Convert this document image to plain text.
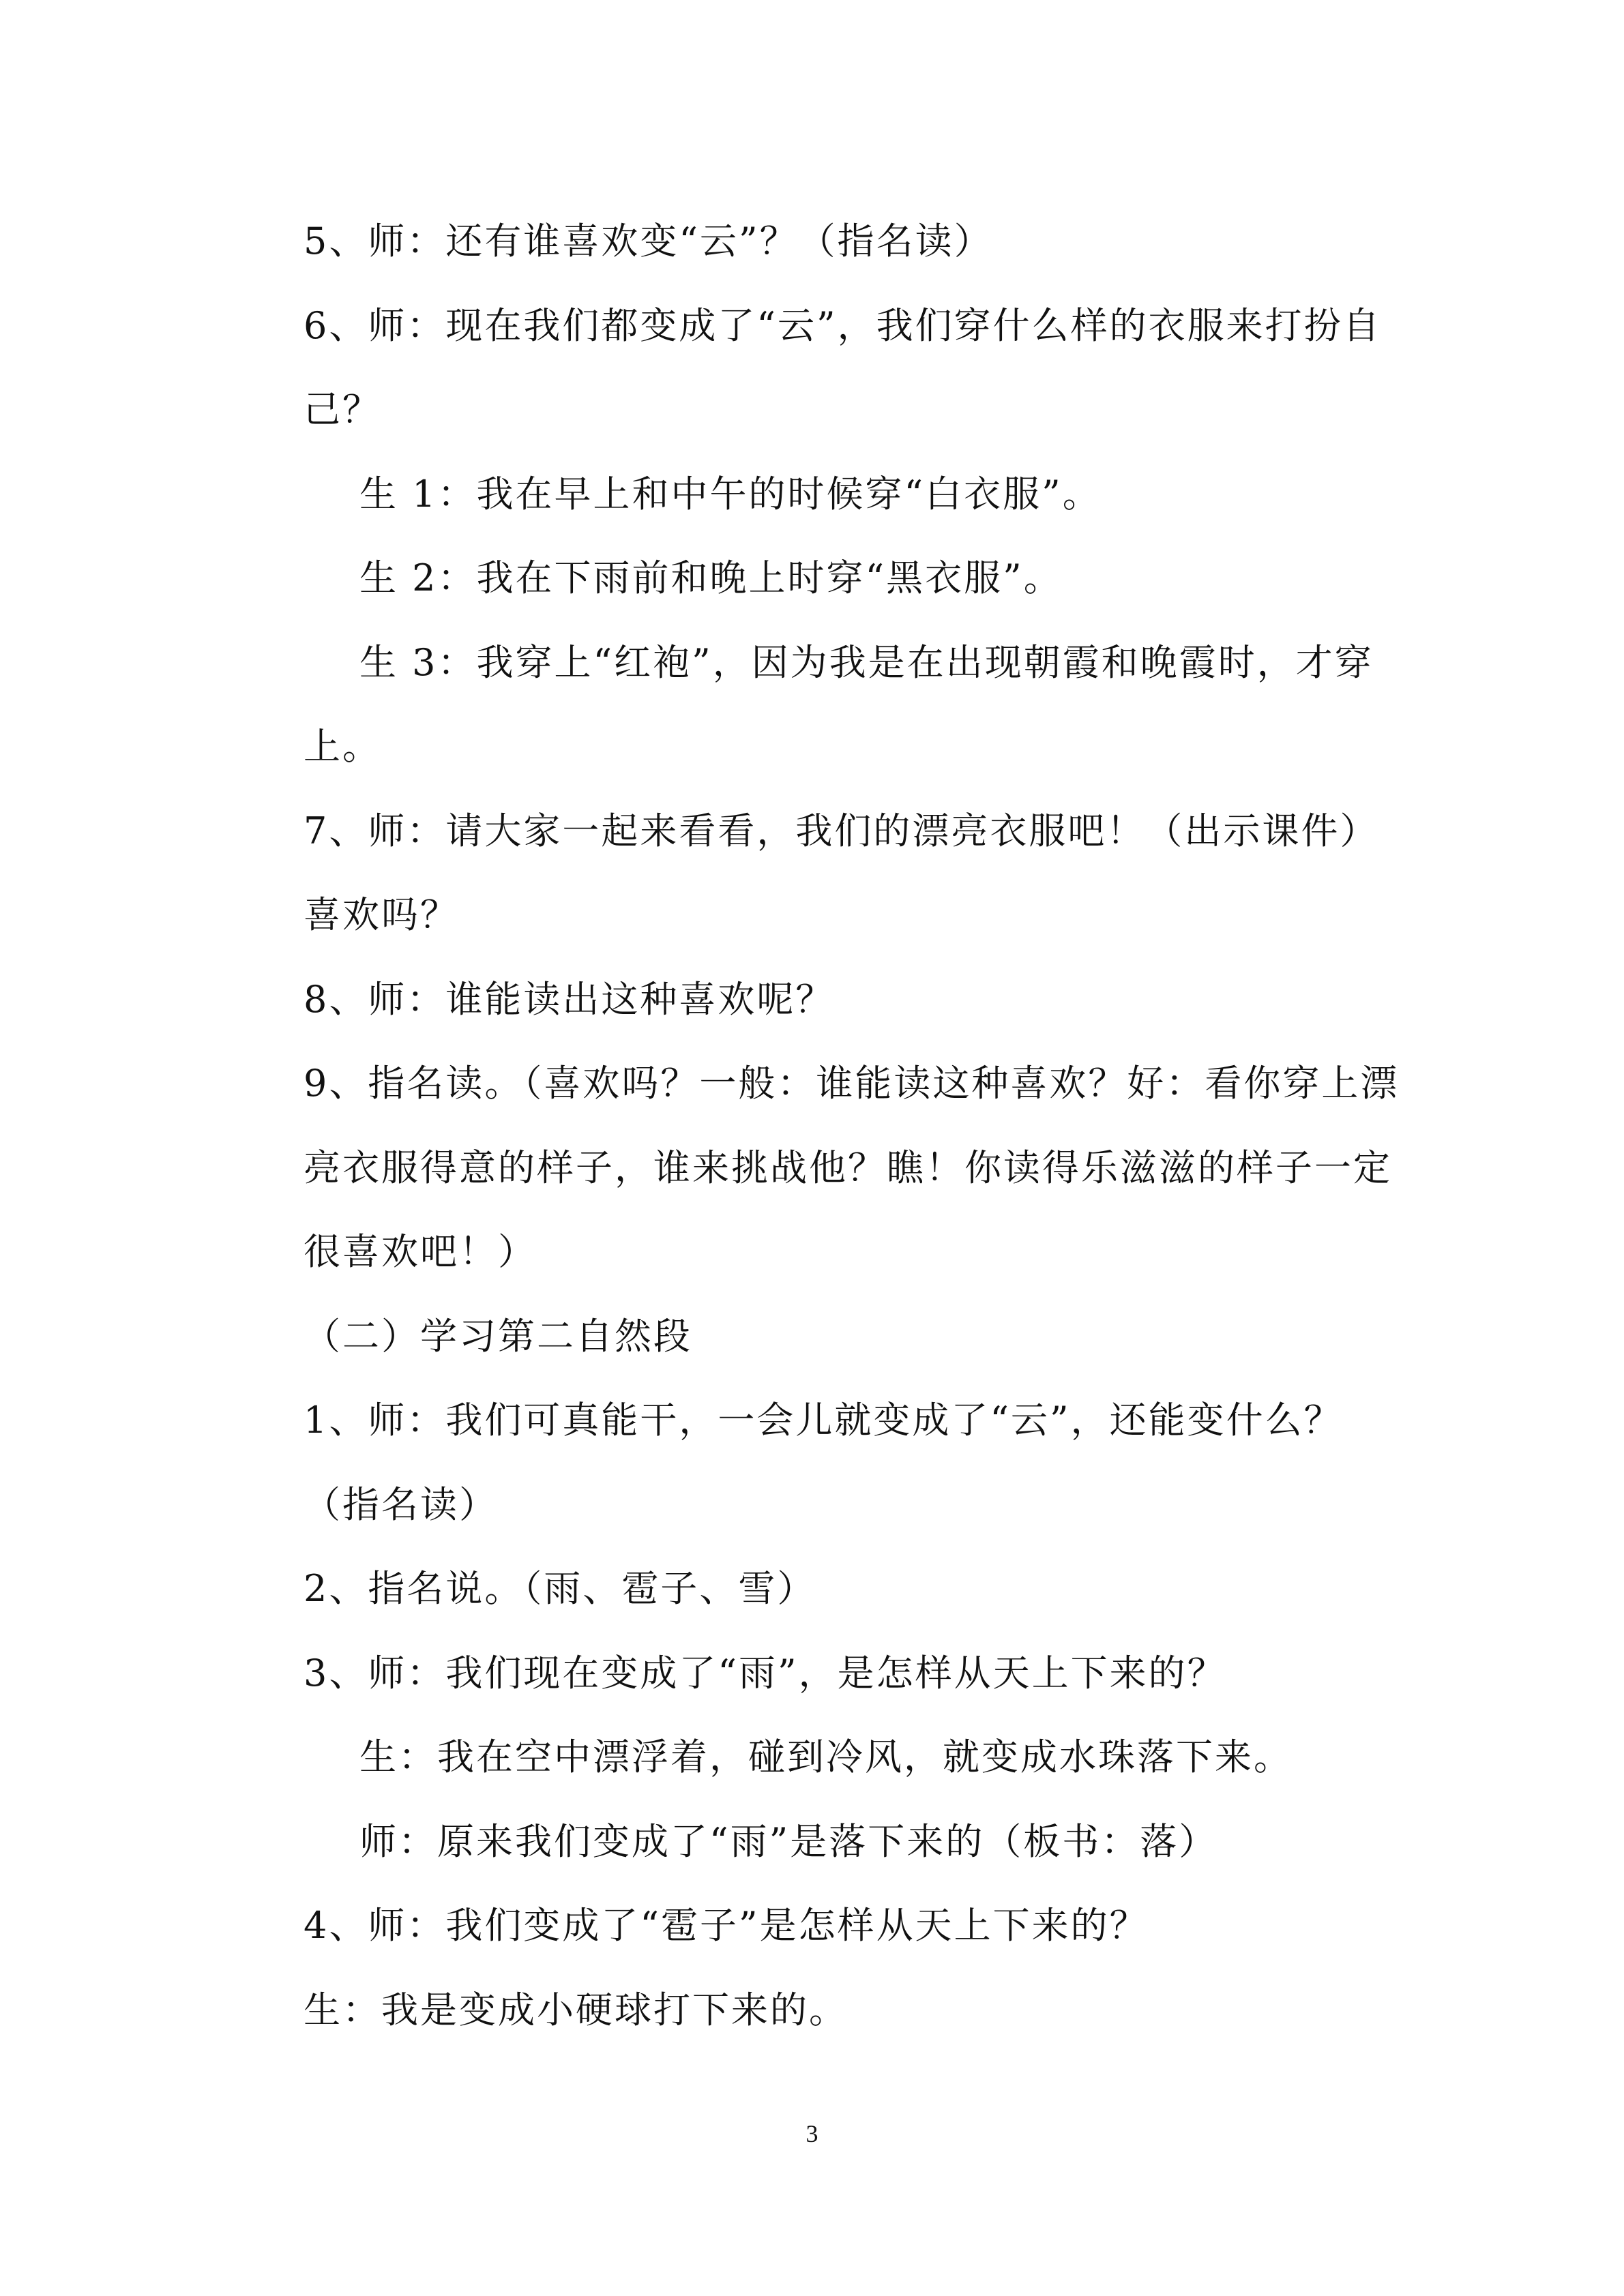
5、师：还有谁喜欢变“云”？（指名读）
6、师：现在我们都变成了“云”，我们穿什么样的衣服来打扮自
己？
生 1：我在早上和中午的时候穿“白衣服”。
生 2：我在下雨前和晚上时穿“黑衣服”。
生 3：我穿上“红袍”，因为我是在出现朝霞和晚霞时，才穿
上。
7、师：请大家一起来看看，我们的漂亮衣服吧！（出示课件）
喜欢吗？
8、师：谁能读出这种喜欢呢？
9、指名读。（喜欢吗？一般：谁能读这种喜欢？好：看你穿上漂
亮衣服得意的样子，谁来挑战他？瞧！你读得乐滋滋的样子一定
很喜欢吧！）
（二）学习第二自然段
1、师：我们可真能干，一会儿就变成了“云”，还能变什么？
（指名读）
2、指名说。（雨、雹子、雪）
3、师：我们现在变成了“雨”，是怎样从天上下来的？
生：我在空中漂浮着，碰到冷风，就变成水珠落下来。
师：原来我们变成了“雨”是落下来的（板书：落）
4、师：我们变成了“雹子”是怎样从天上下来的？
生：我是变成小硬球打下来的。
3
